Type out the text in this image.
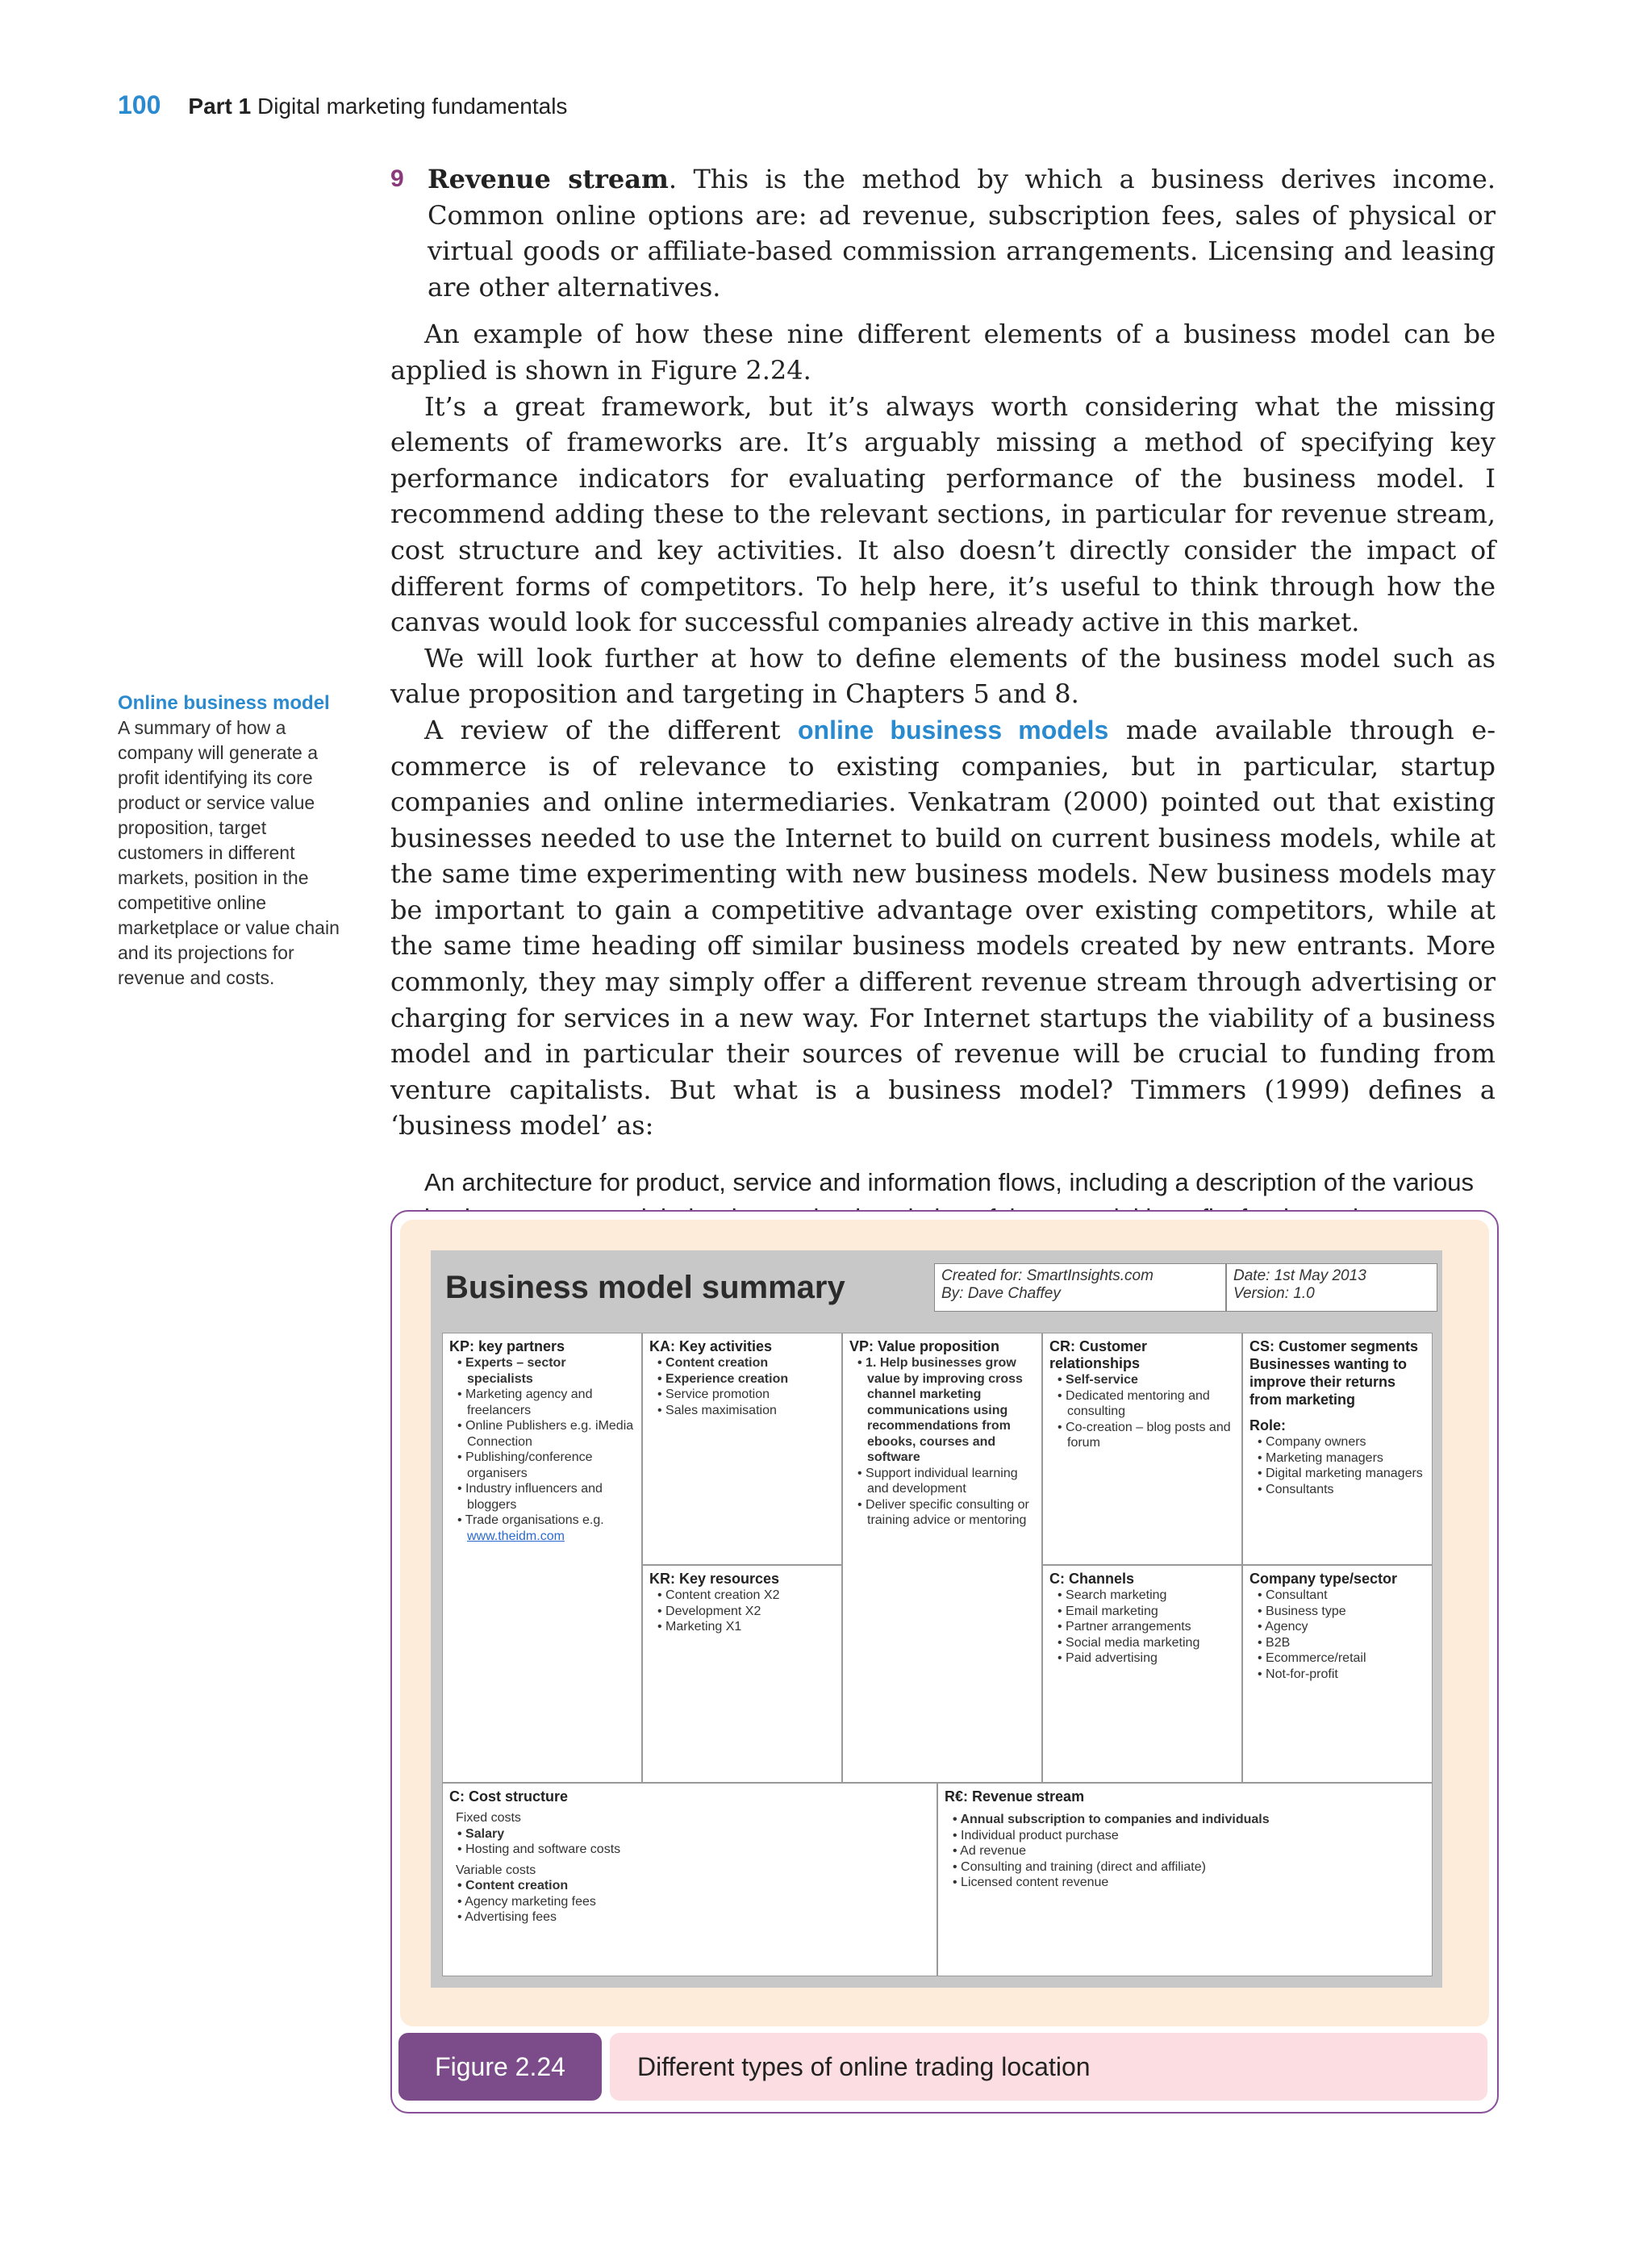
100 Part 1 Digital marketing fundamentals
Online business model
A summary of how a company will generate a profit identifying its core product or service value proposition, target customers in different markets, position in the competitive online marketplace or value chain and its projections for revenue and costs.
9 Revenue stream. This is the method by which a business derives income. Common online options are: ad revenue, subscription fees, sales of physical or virtual goods or affiliate-based commission arrangements. Licensing and leasing are other alternatives.

An example of how these nine different elements of a business model can be applied is shown in Figure 2.24.

It’s a great framework, but it’s always worth considering what the missing elements of frameworks are. It’s arguably missing a method of specifying key performance indicators for evaluating performance of the business model. I recommend adding these to the relevant sections, in particular for revenue stream, cost structure and key activities. It also doesn’t directly consider the impact of different forms of competitors. To help here, it’s useful to think through how the canvas would look for successful companies already active in this market.

We will look further at how to define elements of the business model such as value proposition and targeting in Chapters 5 and 8.

A review of the different online business models made available through e-commerce is of relevance to existing companies, but in particular, startup companies and online intermediaries. Venkatram (2000) pointed out that existing businesses needed to use the Internet to build on current business models, while at the same time experimenting with new business models. New business models may be important to gain a competitive advantage over existing competitors, while at the same time heading off similar business models created by new entrants. More commonly, they may simply offer a different revenue stream through advertising or charging for services in a new way. For Internet startups the viability of a business model and in particular their sources of revenue will be crucial to funding from venture capitalists. But what is a business model? Timmers (1999) defines a ‘business model’ as:

An architecture for product, service and information flows, including a description of the various
Business model summary	Created for: SmartInsights.com
By: Dave Chaffey
Date: 1st May 2013
Version: 1.0
KP: key partners
• Experts – sector specialists
• Marketing agency and freelancers
• Online Publishers e.g. iMedia Connection
• Publishing/conference organisers
• Industry influencers and bloggers
• Trade organisations e.g. www.theidm.com
KA: Key activities
• Content creation
• Experience creation
• Service promotion
• Sales maximisation
KR: Key resources
• Content creation X2
• Development X2
• Marketing X1
VP: Value proposition
• 1. Help businesses grow value by improving cross channel marketing communications using recommendations from ebooks, courses and software
• Support individual learning and development
• Deliver specific consulting or training advice or mentoring
CR: Customer relationships
• Self-service
• Dedicated mentoring and consulting
• Co-creation – blog posts and forum
C: Channels
• Search marketing
• Email marketing
• Partner arrangements
• Social media marketing
• Paid advertising
CS: Customer segments
Businesses wanting to improve their returns from marketing
Role:
• Company owners
• Marketing managers
• Digital marketing managers
• Consultants
Company type/sector
• Consultant
• Business type
• Agency
• B2B
• Ecommerce/retail
• Not-for-profit
C: Cost structure
Fixed costs
• Salary
• Hosting and software costs
Variable costs
• Content creation
• Agency marketing fees
• Advertising fees
R€: Revenue stream
• Annual subscription to companies and individuals
• Individual product purchase
• Ad revenue
• Consulting and training (direct and affiliate)
• Licensed content revenue
Figure 2.24	Different types of online trading location
